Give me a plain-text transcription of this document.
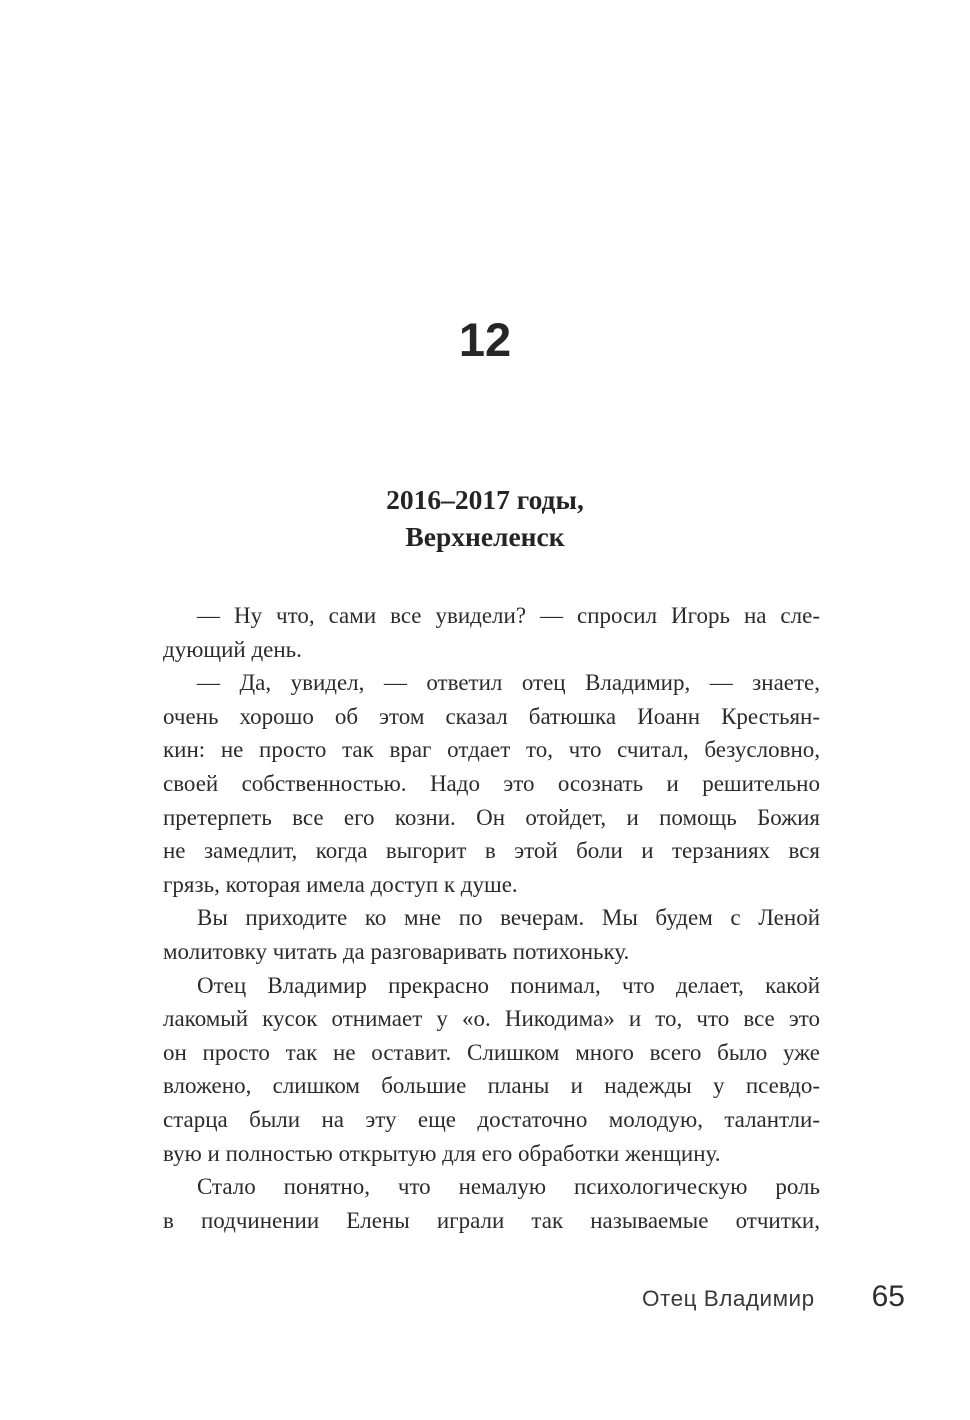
12
2016–2017 годы,
Верхнеленск
— Ну что, сами все увидели? — спросил Игорь на сле-
дующий день.
— Да, увидел, — ответил отец Владимир, — знаете,
очень хорошо об этом сказал батюшка Иоанн Крестьян-
кин: не просто так враг отдает то, что считал, безусловно,
своей собственностью. Надо это осознать и решительно
претерпеть все его козни. Он отойдет, и помощь Божия
не замедлит, когда выгорит в этой боли и терзаниях вся
грязь, которая имела доступ к душе.
Вы приходите ко мне по вечерам. Мы будем с Леной
молитовку читать да разговаривать потихоньку.
Отец Владимир прекрасно понимал, что делает, какой
лакомый кусок отнимает у «о. Никодима» и то, что все это
он просто так не оставит. Слишком много всего было уже
вложено, слишком большие планы и надежды у псевдо-
старца были на эту еще достаточно молодую, талантли-
вую и полностью открытую для его обработки женщину.
Стало понятно, что немалую психологическую роль
в подчинении Елены играли так называемые отчитки,
Отец Владимир 65
